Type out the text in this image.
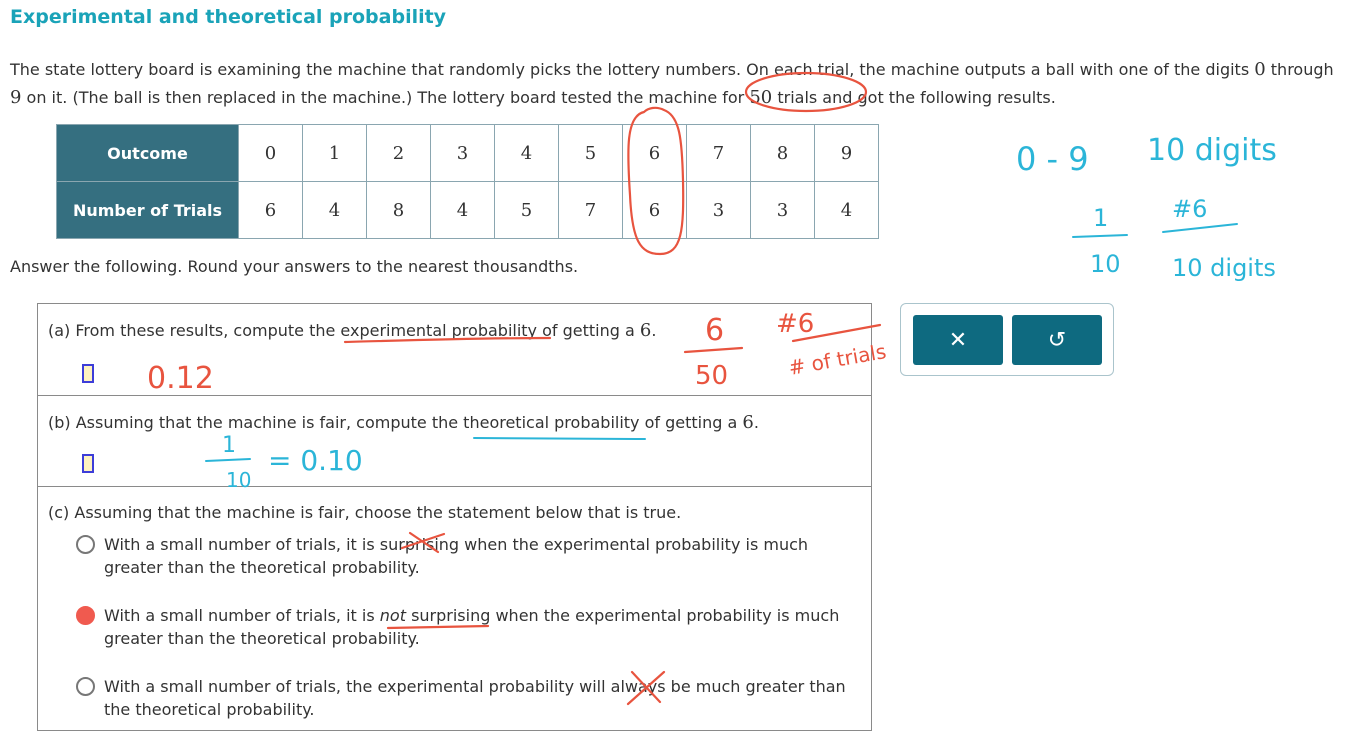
Experimental and theoretical probability
The state lottery board is examining the machine that randomly picks the lottery numbers. On each trial, the machine outputs a ball with one of the digits 0 through
9 on it. (The ball is then replaced in the machine.) The lottery board tested the machine for 50 trials and got the following results.
Outcome	0	1	2	3	4	5	6	7	8	9
Number of Trials	6	4	8	4	5	7	6	3	3	4
Answer the following. Round your answers to the nearest thousandths.
(a) From these results, compute the experimental probability of getting a 6.
(b) Assuming that the machine is fair, compute the theoretical probability of getting a 6.
(c) Assuming that the machine is fair, choose the statement below that is true.
With a small number of trials, it is surprising when the experimental probability is much
greater than the theoretical probability.
With a small number of trials, it is not surprising when the experimental probability is much
greater than the theoretical probability.
With a small number of trials, the experimental probability will always be much greater than
the theoretical probability.
✕	↺
0.12
6
50
#6
# of trials
1
10
= 0.10
0 - 9 10 digits
1
10
#6
10 digits
